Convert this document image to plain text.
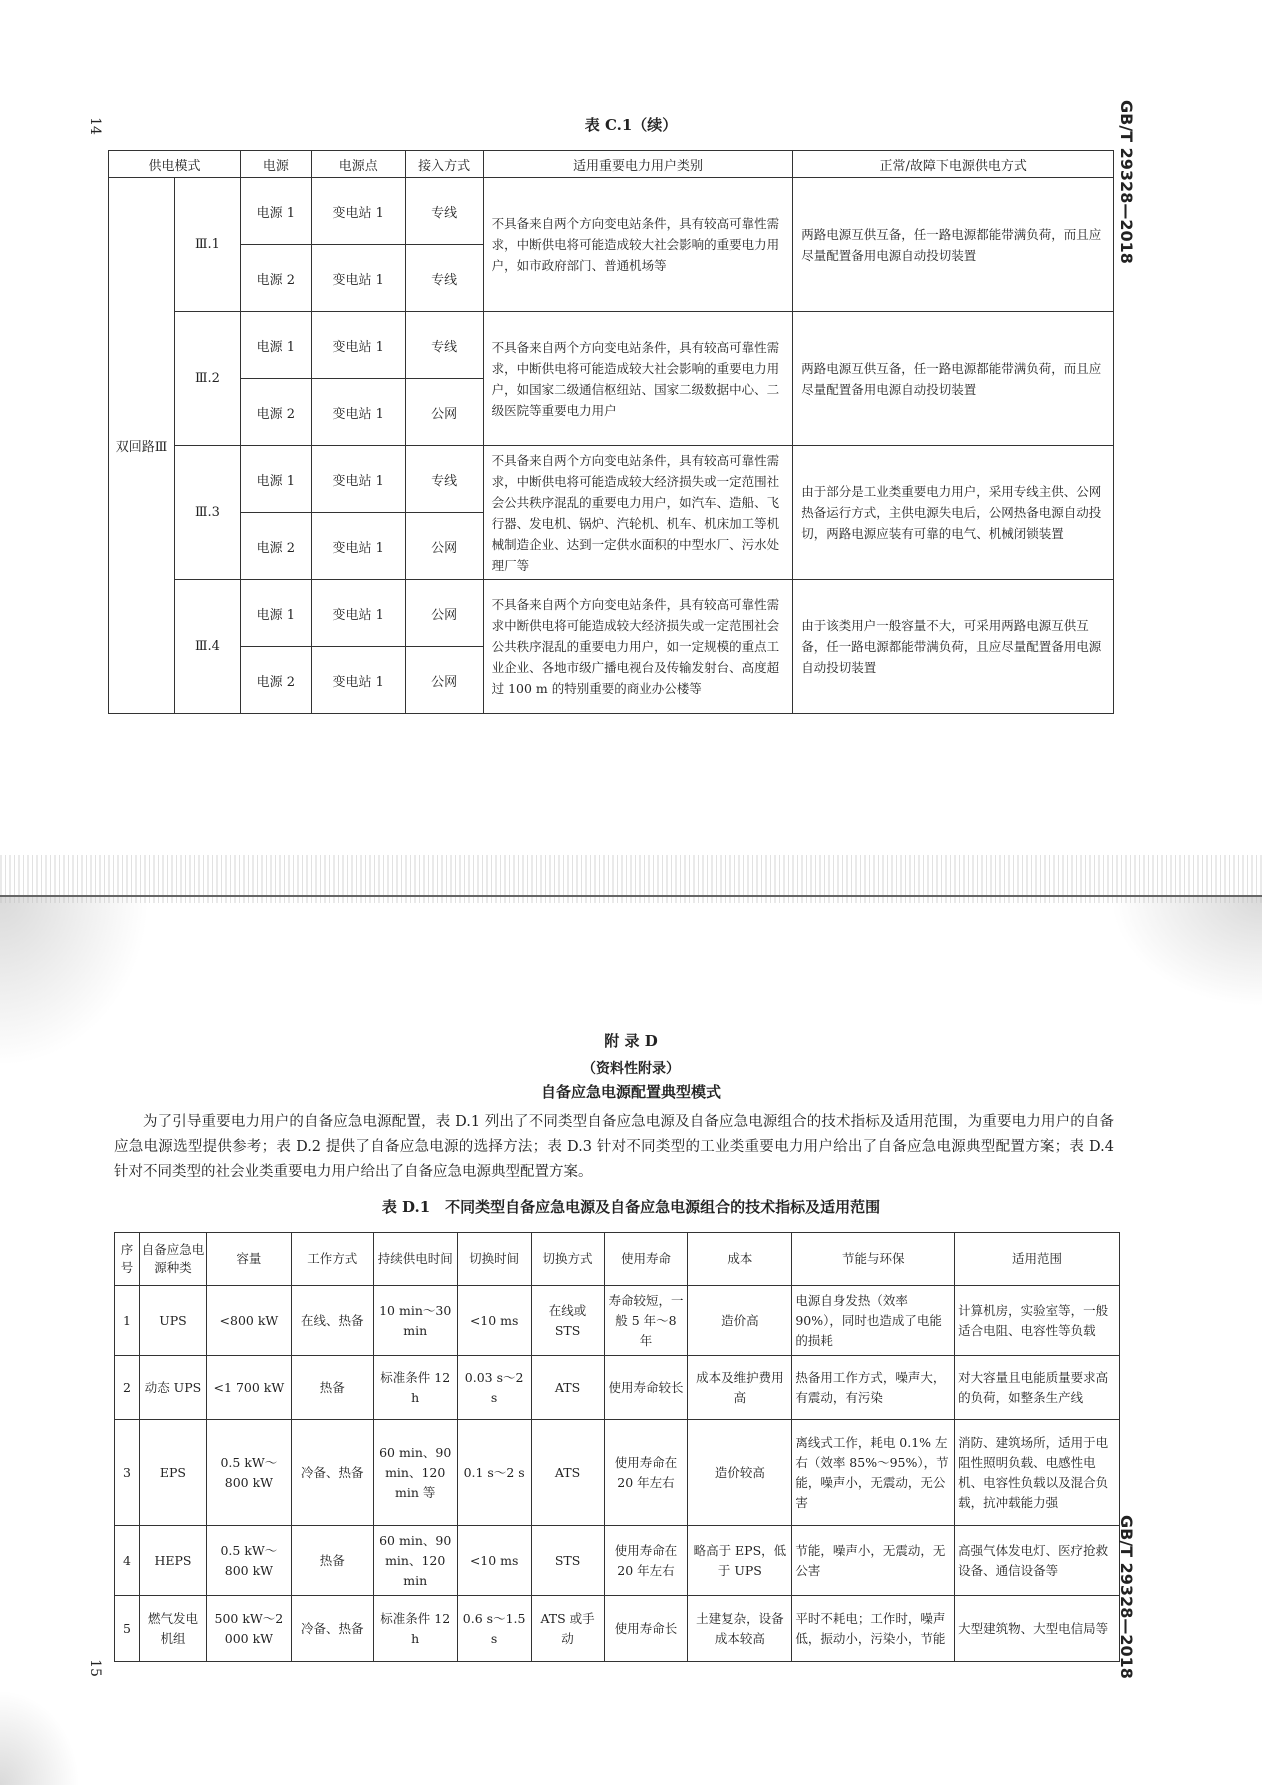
14	GB/T 29328—2018
表 C.1（续）
供电模式		电源	电源点	接入方式	适用重要电力用户类别	正常/故障下电源供电方式
双回路Ⅲ	Ⅲ.1	电源 1	变电站 1	专线	不具备来自两个方向变电站条件，具有较高可靠性需求，中断供电将可能造成较大社会影响的重要电力用户，如市政府部门、普通机场等	两路电源互供互备，任一路电源都能带满负荷，而且应尽量配置备用电源自动投切装置
		电源 2	变电站 1	专线		
	Ⅲ.2	电源 1	变电站 1	专线	不具备来自两个方向变电站条件，具有较高可靠性需求，中断供电将可能造成较大社会影响的重要电力用户，如国家二级通信枢纽站、国家二级数据中心、二级医院等重要电力用户	两路电源互供互备，任一路电源都能带满负荷，而且应尽量配置备用电源自动投切装置
		电源 2	变电站 1	公网		
	Ⅲ.3	电源 1	变电站 1	专线	不具备来自两个方向变电站条件，具有较高可靠性需求，中断供电将可能造成较大经济损失或一定范围社会公共秩序混乱的重要电力用户，如汽车、造船、飞行器、发电机、锅炉、汽轮机、机车、机床加工等机械制造企业、达到一定供水面积的中型水厂、污水处理厂等	由于部分是工业类重要电力用户，采用专线主供、公网热备运行方式，主供电源失电后，公网热备电源自动投切，两路电源应装有可靠的电气、机械闭锁装置
		电源 2	变电站 1	公网		
	Ⅲ.4	电源 1	变电站 1	公网	不具备来自两个方向变电站条件，具有较高可靠性需求中断供电将可能造成较大经济损失或一定范围社会公共秩序混乱的重要电力用户，如一定规模的重点工业企业、各地市级广播电视台及传输发射台、高度超过 100 m 的特别重要的商业办公楼等	由于该类用户一般容量不大，可采用两路电源互供互备，任一路电源都能带满负荷，且应尽量配置备用电源自动投切装置
		电源 2	变电站 1	公网		
附 录 D
（资料性附录）
自备应急电源配置典型模式

为了引导重要电力用户的自备应急电源配置，表 D.1 列出了不同类型自备应急电源及自备应急电源组合的技术指标及适用范围，为重要电力用户的自备应急电源选型提供参考；表 D.2 提供了自备应急电源的选择方法；表 D.3 针对不同类型的工业类重要电力用户给出了自备应急电源典型配置方案；表 D.4 针对不同类型的社会业类重要电力用户给出了自备应急电源典型配置方案。

表 D.1　不同类型自备应急电源及自备应急电源组合的技术指标及适用范围
序号	自备应急电源种类	容量	工作方式	持续供电时间	切换时间	切换方式	使用寿命	成本	节能与环保	适用范围
1	UPS	<800 kW	在线、热备	10 min～30 min	<10 ms	在线或 STS	寿命较短，一般 5 年～8 年	造价高	电源自身发热（效率 90%），同时也造成了电能的损耗	计算机房，实验室等，一般适合电阻、电容性等负载
2	动态 UPS	<1 700 kW	热备	标准条件 12 h	0.03 s～2 s	ATS	使用寿命较长	成本及维护费用高	热备用工作方式，噪声大，有震动，有污染	对大容量且电能质量要求高的负荷，如整条生产线
3	EPS	0.5 kW～800 kW	冷备、热备	60 min、90 min、120 min 等	0.1 s～2 s	ATS	使用寿命在 20 年左右	造价较高	离线式工作，耗电 0.1% 左右（效率 85%～95%），节能，噪声小，无震动，无公害	消防、建筑场所，适用于电阻性照明负载、电感性电机、电容性负载以及混合负载，抗冲载能力强
4	HEPS	0.5 kW～800 kW	热备	60 min、90 min、120 min	<10 ms	STS	使用寿命在 20 年左右	略高于 EPS，低于 UPS	节能，噪声小，无震动，无公害	高强气体发电灯、医疗抢救设备、通信设备等
5	燃气发电机组	500 kW～2 000 kW	冷备、热备	标准条件 12 h	0.6 s～1.5 s	ATS 或手动	使用寿命长	土建复杂，设备成本较高	平时不耗电；工作时，噪声低，振动小，污染小，节能	大型建筑物、大型电信局等
15	GB/T 29328—2018
